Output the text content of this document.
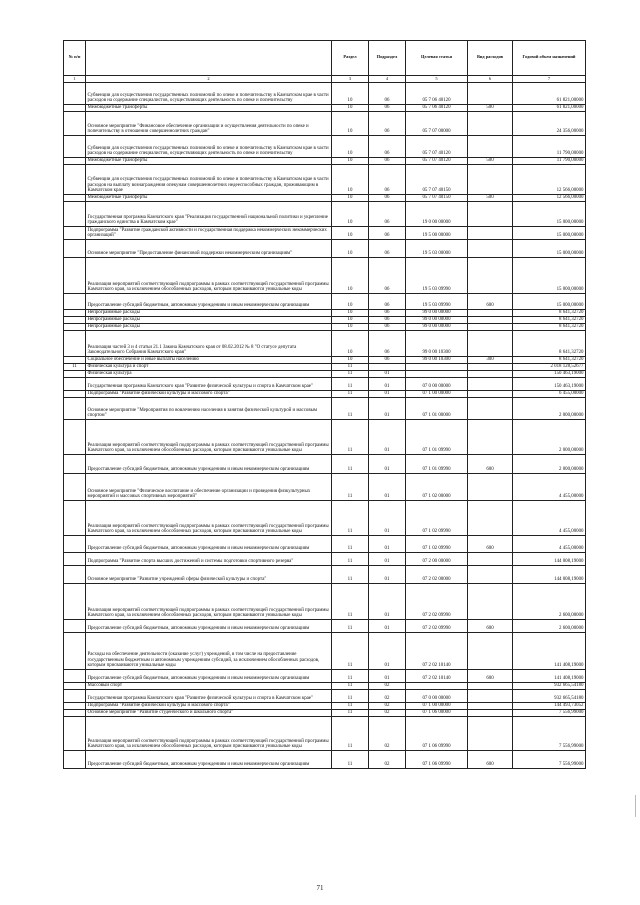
№ п/п		Раздел	Подраздел	Целевая статья	Вид расходов	Годовой объем назначений
1	2	3	4	5	6	7
	Субвенции для осуществления государственных полномочий по опеке и попечительству в Камчатском крае в части расходов на содержание специалистов, осуществляющих деятельность по опеке и попечительству	10	06	05 7 06 40120		61 821,00000
	Межбюджетные трансферты	10	06	05 7 06 40120	500	61 821,00000
	Основное мероприятие "Финансовое обеспечение организации и осуществления деятельности по опеке и попечительству в отношении совершеннолетних граждан"	10	06	05 7 07 00000		24 356,00000
	Субвенции для осуществления государственных полномочий по опеке и попечительству в Камчатском крае в части расходов на содержание специалистов, осуществляющих деятельность по опеке и попечительству	10	06	05 7 07 40120		11 790,00000
	Межбюджетные трансферты	10	06	05 7 07 40120	500	11 790,00000
	Субвенции для осуществления государственных полномочий по опеке и попечительству в Камчатском крае в части расходов на выплату вознаграждения опекунам совершеннолетних недееспособных граждан, проживающим в Камчатском крае	10	06	05 7 07 40150		12 566,00000
	Межбюджетные трансферты	10	06	05 7 07 40150	500	12 566,00000
	Государственная программа Камчатского края "Реализация государственной национальной политики и укрепление гражданского единства в Камчатском крае"	10	06	19 0 00 00000		15 000,00000
	Подпрограмма "Развитие гражданской активности и государственная поддержка некоммерческих некоммерческих организаций"	10	06	19 5 00 00000		15 000,00000
	Основное мероприятие "Предоставление финансовой поддержки некоммерческим организациям"	10	06	19 5 03 00000		15 000,00000
	Реализация мероприятий соответствующей подпрограммы в рамках соответствующей государственной программы Камчатского края, за исключением обособленных расходов, которым присваиваются уникальные коды	10	06	19 5 03 09990		15 000,00000
	Предоставление субсидий бюджетным, автономным учреждениям и иным некоммерческим организациям	10	06	19 5 03 09990	600	15 000,00000
	Непрограммные расходы	10	06	99 0 00 00000		8 641,32720
	Непрограммные расходы	10	06	99 0 00 00000		8 641,32720
	Непрограммные расходы	10	06	99 0 00 00000		8 641,32720
	Реализация частей 3 и 4 статьи 21.1 Закона Камчатского края от 08.02.2012 № 8 "О статусе депутата Законодательного Собрания Камчатского края"	10	06	99 0 00 10300		8 641,32720
	Социальное обеспечение и иные выплаты населению	10	06	99 0 00 10300	300	8 641,32720
11	Физическая культура и спорт	11				2 018 128,52677
	Физическая культура	11	01			150 463,19000
	Государственная программа Камчатского края "Развитие физической культуры и спорта в Камчатском крае"	11	01	07 0 00 00000		150 463,19000
	Подпрограмма "Развитие физической культуры и массового спорта"	11	01	07 1 00 00000		6 455,00000
	Основное мероприятие "Мероприятия по вовлечению населения в занятия физической культурой и массовым спортом"	11	01	07 1 01 00000		2 000,00000
	Реализация мероприятий соответствующей подпрограммы в рамках соответствующей государственной программы Камчатского края, за исключением обособленных расходов, которым присваиваются уникальные коды	11	01	07 1 01 09990		2 000,00000
	Предоставление субсидий бюджетным, автономным учреждениям и иным некоммерческим организациям	11	01	07 1 01 09990	600	2 000,00000
	Основное мероприятие "Физическое воспитание и обеспечение организации и проведения физкультурных мероприятий и массовых спортивных мероприятий"	11	01	07 1 02 00000		4 455,00000
	Реализация мероприятий соответствующей подпрограммы в рамках соответствующей государственной программы Камчатского края, за исключением обособленных расходов, которым присваиваются уникальные коды	11	01	07 1 02 09990		4 455,00000
	Предоставление субсидий бюджетным, автономным учреждениям и иным некоммерческим организациям	11	01	07 1 02 09990	600	4 455,00000
	Подпрограмма "Развитие спорта высших достижений и системы подготовки спортивного резерва"	11	01	07 2 00 00000		144 008,19000
	Основное мероприятие "Развитие учреждений сферы физической культуры и спорта"	11	01	07 2 02 00000		144 008,19000
	Реализация мероприятий соответствующей подпрограммы в рамках соответствующей государственной программы Камчатского края, за исключением обособленных расходов, которым присваиваются уникальные коды	11	01	07 2 02 09990		2 600,00000
	Предоставление субсидий бюджетным, автономным учреждениям и иным некоммерческим организациям	11	01	07 2 02 09990	600	2 600,00000
	Расходы на обеспечение деятельности (оказание услуг) учреждений, в том числе на предоставление государственным бюджетным и автономным учреждениям субсидий, за исключением обособленных расходов, которым присваиваются уникальные коды	11	01	07 2 02 10140		141 408,19000
	Предоставление субсидий бюджетным, автономным учреждениям и иным некоммерческим организациям	11	01	07 2 02 10140	600	141 408,19000
	Массовый спорт	11	02			932 665,54180
	Государственная программа Камчатского края "Развитие физической культуры и спорта в Камчатском крае"	11	02	07 0 00 00000		932 665,54180
	Подпрограмма "Развитие физической культуры и массового спорта"	11	02	07 1 00 00000		144 493,73052
	Основное мероприятие "Развитие студенческого и школьного спорта"	11	02	07 1 06 00000		7 556,99000
	Реализация мероприятий соответствующей подпрограммы в рамках соответствующей государственной программы Камчатского края, за исключением обособленных расходов, которым присваиваются уникальные коды	11	02	07 1 06 09990		7 556,99000
	Предоставление субсидий бюджетным, автономным учреждениям и иным некоммерческим организациям	11	02	07 1 06 09990	600	7 556,99000
71
